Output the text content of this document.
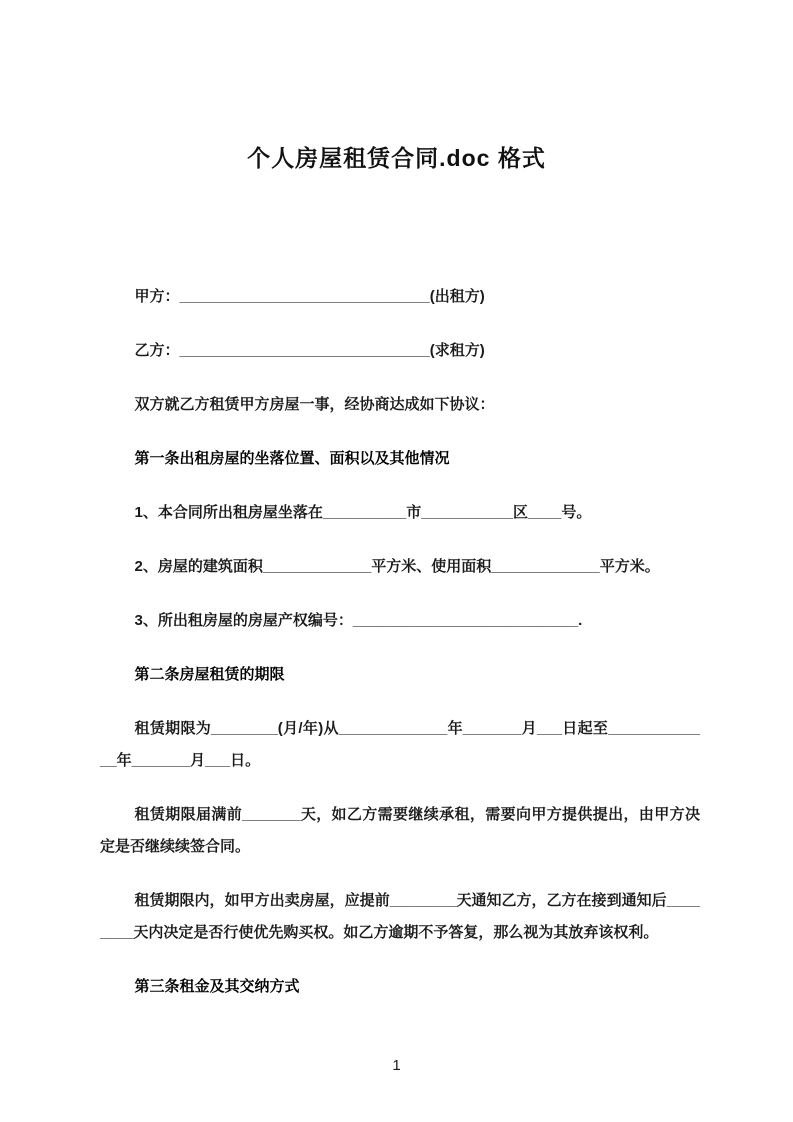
个人房屋租赁合同.doc 格式

甲方：______________________________(出租方)

乙方：______________________________(求租方)

双方就乙方租赁甲方房屋一事，经协商达成如下协议：

第一条出租房屋的坐落位置、面积以及其他情况

1、本合同所出租房屋坐落在__________市___________区____号。

2、房屋的建筑面积_____________平方米、使用面积_____________平方米。

3、所出租房屋的房屋产权编号：___________________________.

第二条房屋租赁的期限

租赁期限为________(月/年)从_____________年_______月___日起至_____________年_______月___日。

租赁期限届满前_______天，如乙方需要继续承租，需要向甲方提供提出，由甲方决定是否继续续签合同。

租赁期限内，如甲方出卖房屋，应提前________天通知乙方，乙方在接到通知后________天内决定是否行使优先购买权。如乙方逾期不予答复，那么视为其放弃该权利。

第三条租金及其交纳方式

1
